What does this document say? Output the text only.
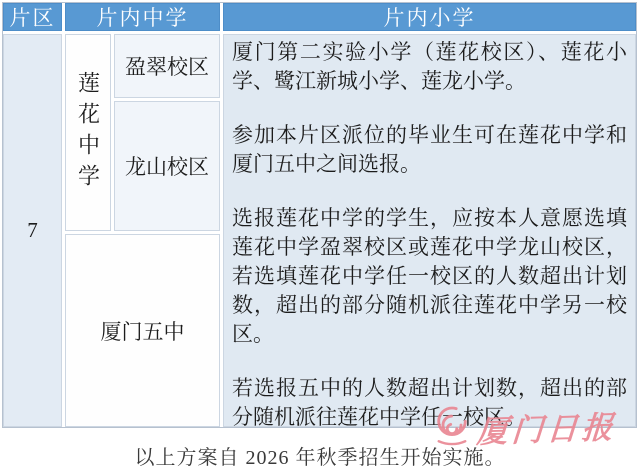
片区	片内中学	片内小学
7
莲花中学
盈翠校区
龙山校区
厦门五中

厦门第二实验小学（莲花校区）、莲花小学、鹭江新城小学、莲龙小学。

参加本片区派位的毕业生可在莲花中学和厦门五中之间选报。

选报莲花中学的学生，应按本人意愿选填莲花中学盈翠校区或莲花中学龙山校区，若选填莲花中学任一校区的人数超出计划数，超出的部分随机派往莲花中学另一校区。

若选报五中的人数超出计划数，超出的部分随机派往莲花中学任一校区。

以上方案自 2026 年秋季招生开始实施。
厦门日报
